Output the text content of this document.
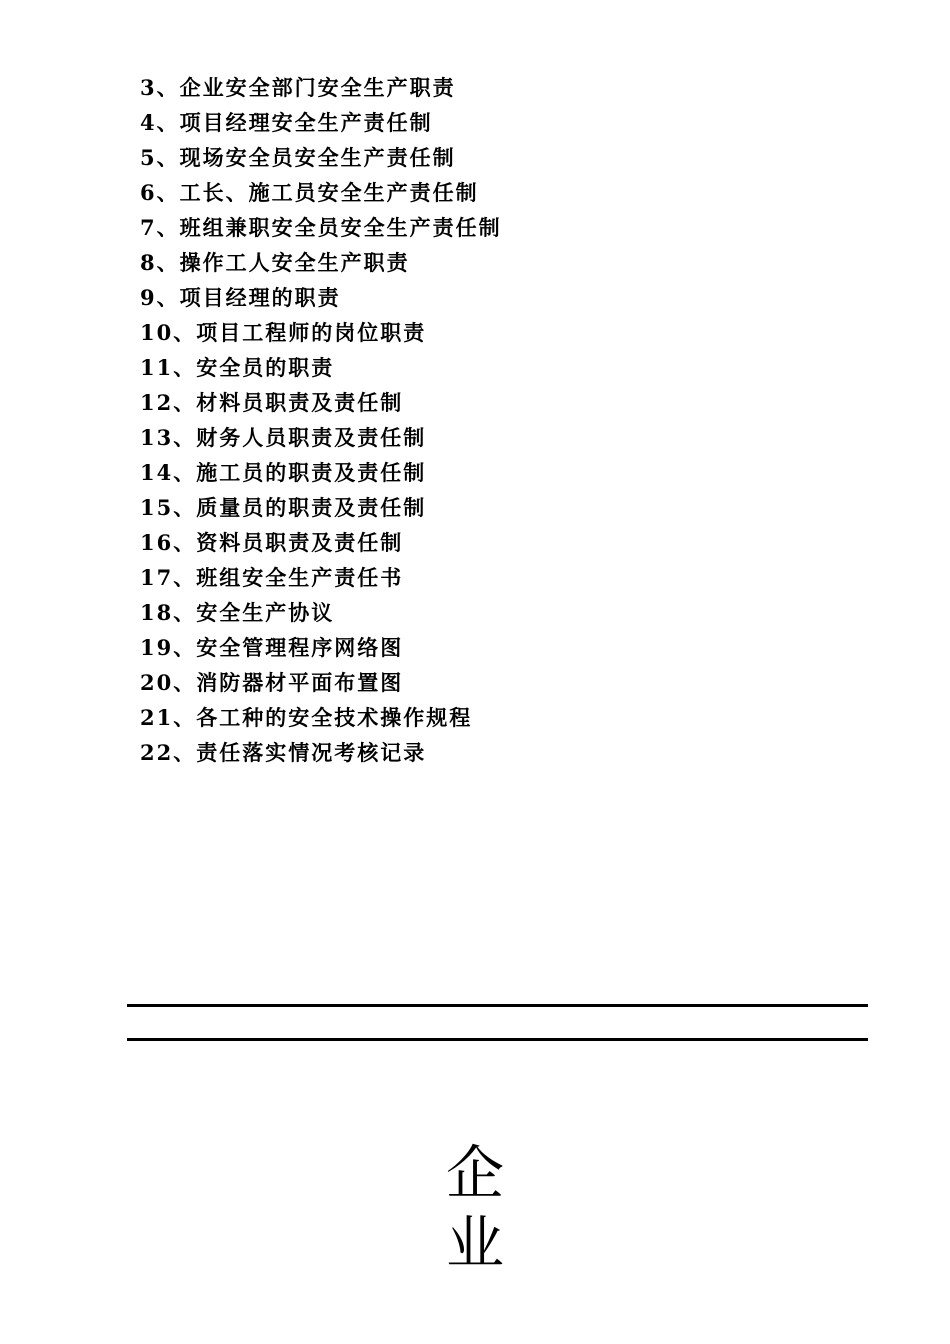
3、企业安全部门安全生产职责
4、项目经理安全生产责任制
5、现场安全员安全生产责任制
6、工长、施工员安全生产责任制
7、班组兼职安全员安全生产责任制
8、操作工人安全生产职责
9、项目经理的职责
10、项目工程师的岗位职责
11、安全员的职责
12、材料员职责及责任制
13、财务人员职责及责任制
14、施工员的职责及责任制
15、质量员的职责及责任制
16、资料员职责及责任制
17、班组安全生产责任书
18、安全生产协议
19、安全管理程序网络图
20、消防器材平面布置图
21、各工种的安全技术操作规程
22、责任落实情况考核记录
企
业
